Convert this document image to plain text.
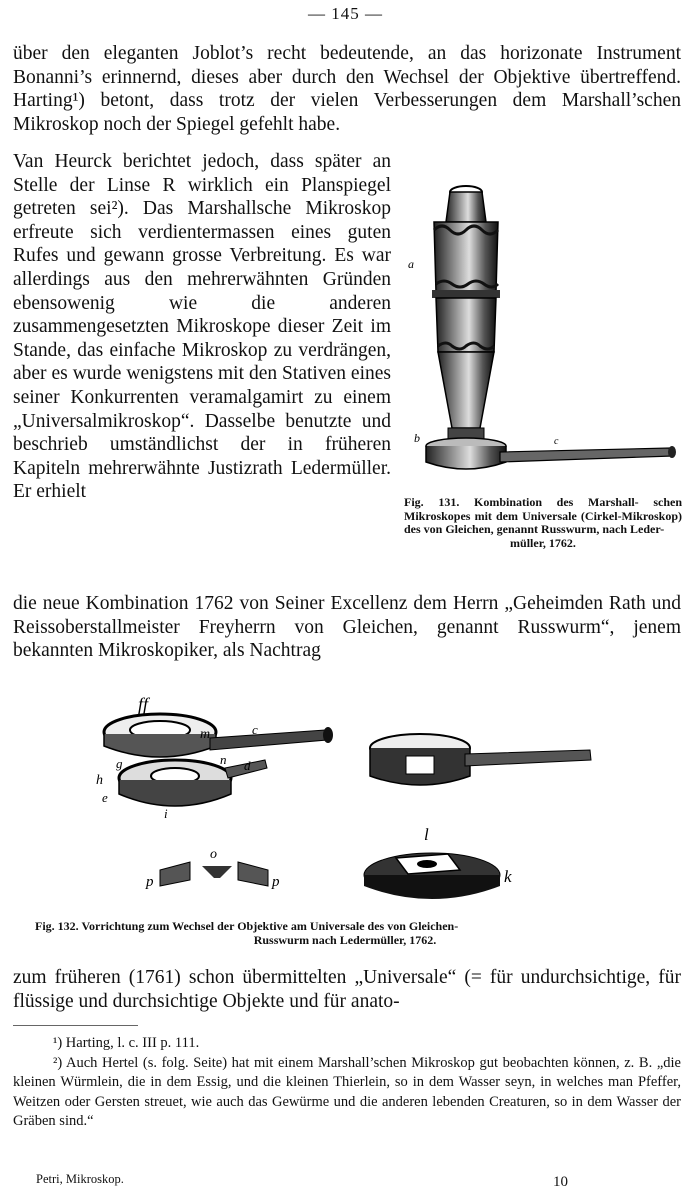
— 145 —

über den eleganten Joblot’s recht bedeutende, an das horizonate Instrument Bonanni’s erinnernd, dieses aber durch den Wechsel der Objektive übertreffend. Harting¹) betont, dass trotz der vielen Verbesserungen dem Marshall’schen Mikroskop noch der Spiegel gefehlt habe.

Van Heurck berichtet jedoch, dass später an Stelle der Linse R wirklich ein Planspiegel getreten sei²). Das Marshallsche Mikroskop erfreute sich verdientermassen eines guten Rufes und gewann grosse Verbreitung. Es war allerdings aus den mehrerwähnten Gründen ebensowenig wie die anderen zusammengesetzten Mikroskope dieser Zeit im Stande, das einfache Mikroskop zu verdrängen, aber es wurde wenigstens mit den Stativen eines seiner Konkurrenten veramalgamirt zu einem „Universalmikroskop“. Dasselbe benutzte und beschrieb umständlichst der in früheren Kapiteln mehrerwähnte Justizrath Ledermüller. Er erhielt

a
b	c
Fig. 131. Kombination des Marshall- schen Mikroskopes mit dem Universale (Cirkel-Mikroskop) des von Gleichen, genannt Russwurm, nach Leder-
müller, 1762.

die neue Kombination 1762 von Seiner Excellenz dem Herrn „Geheimden Rath und Reissoberstallmeister Freyherrn von Gleichen, genannt Russwurm“, jenem bekannten Mikroskopiker, als Nachtrag

ff
m	c
n d
g
h
e
i
o
p	p
l
k
Fig. 132. Vorrichtung zum Wechsel der Objektive am Universale des von Gleichen-
Russwurm nach Ledermüller, 1762.

zum früheren (1761) schon übermittelten „Universale“ (= für undurchsichtige, für flüssige und durchsichtige Objekte und für anato-

¹) Harting, l. c. III p. 111.
²) Auch Hertel (s. folg. Seite) hat mit einem Marshall’schen Mikroskop gut beobachten können, z. B. „die kleinen Würmlein, die in dem Essig, und die kleinen Thierlein, so in dem Wasser seyn, in welches man Pfeffer, Weitzen oder Gersten streuet, wie auch das Gewürme und die anderen lebenden Creaturen, so in dem Wasser der Gräben sind.“
Petri, Mikroskop.	10
